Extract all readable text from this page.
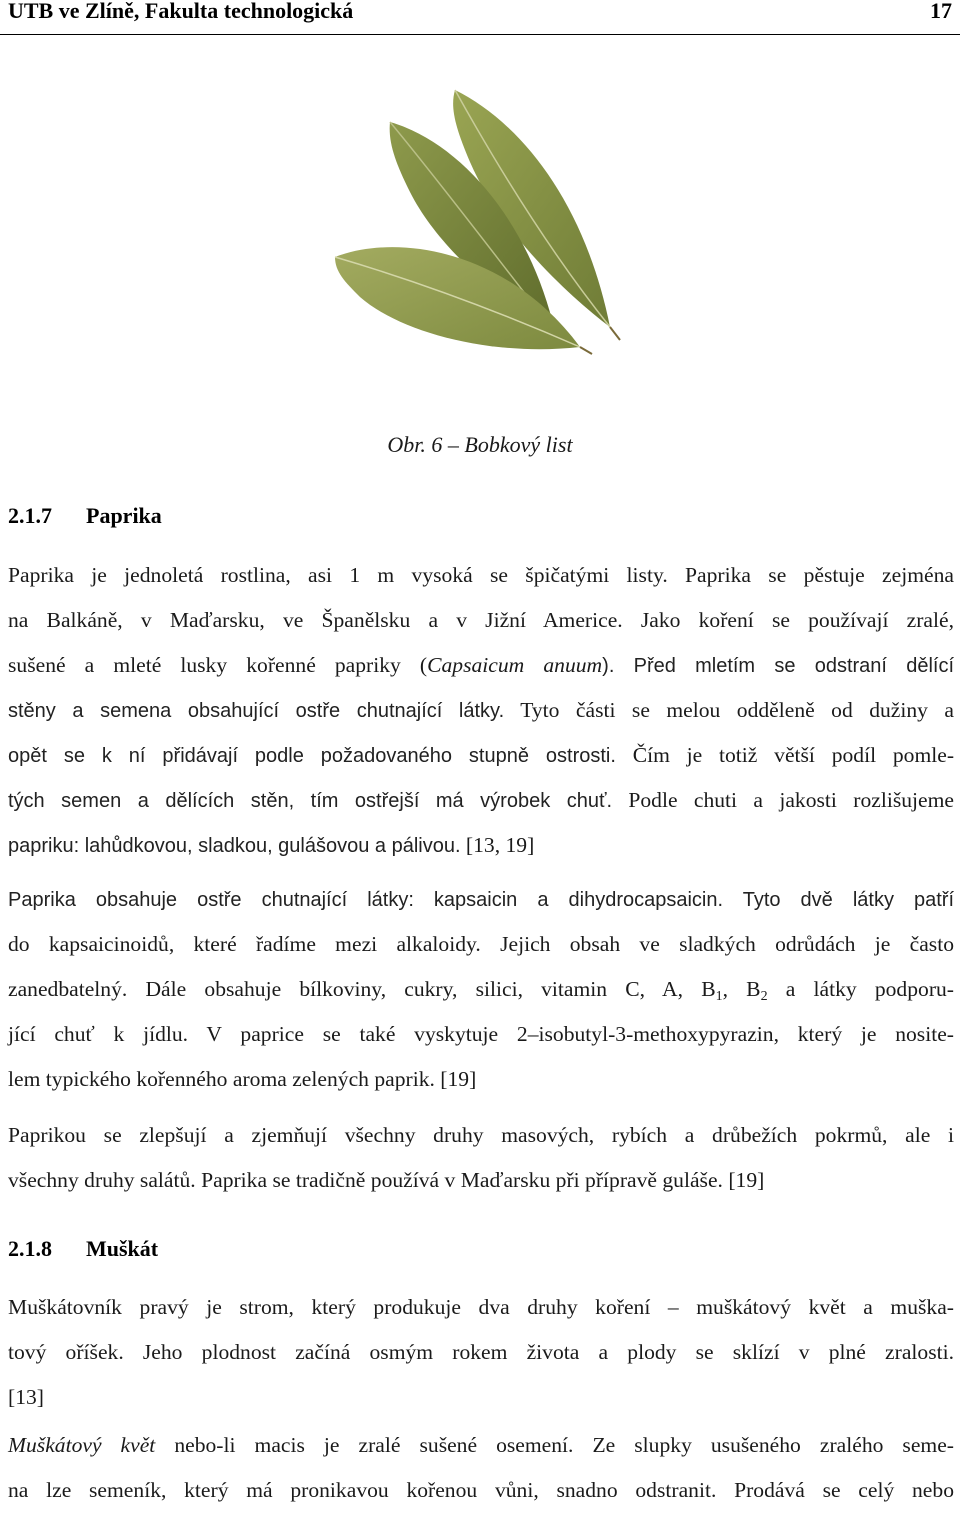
UTB ve Zlíně, Fakulta technologická	17
Obr. 6 – Bobkový list
2.1.7 Paprika
Paprika je jednoletá rostlina, asi 1 m vysoká se špičatými listy. Paprika se pěstuje zejména
na Balkáně, v Maďarsku, ve Španělsku a v Jižní Americe. Jako koření se používají zralé,
sušené a mleté lusky kořenné papriky (Capsaicum anuum). Před mletím se odstraní dělící
stěny a semena obsahující ostře chutnající látky. Tyto části se melou odděleně od dužiny a
opět se k ní přidávají podle požadovaného stupně ostrosti. Čím je totiž větší podíl pomle-
tých semen a dělících stěn, tím ostřejší má výrobek chuť. Podle chuti a jakosti rozlišujeme
papriku: lahůdkovou, sladkou, gulášovou a pálivou. [13, 19]
Paprika obsahuje ostře chutnající látky: kapsaicin a dihydrocapsaicin. Tyto dvě látky patří
do kapsaicinoidů, které řadíme mezi alkaloidy. Jejich obsah ve sladkých odrůdách je často
zanedbatelný. Dále obsahuje bílkoviny, cukry, silici, vitamin C, A, $B_1$, $B_2$ a látky podporu-
jící chuť k jídlu. V paprice se také vyskytuje 2–isobutyl-3-methoxypyrazin, který je nosite-
lem typického kořenného aroma zelených paprik. [19]
Paprikou se zlepšují a zjemňují všechny druhy masových, rybích a drůbežích pokrmů, ale i
všechny druhy salátů. Paprika se tradičně používá v Maďarsku při přípravě guláše. [19]
2.1.8 Muškát
Muškátovník pravý je strom, který produkuje dva druhy koření – muškátový květ a muška-
tový oříšek. Jeho plodnost začíná osmým rokem života a plody se sklízí v plné zralosti.
[13]
Muškátový květ nebo-li macis je zralé sušené osemení. Ze slupky usušeného zralého seme-
na lze semeník, který má pronikavou kořenou vůni, snadno odstranit. Prodává se celý nebo
